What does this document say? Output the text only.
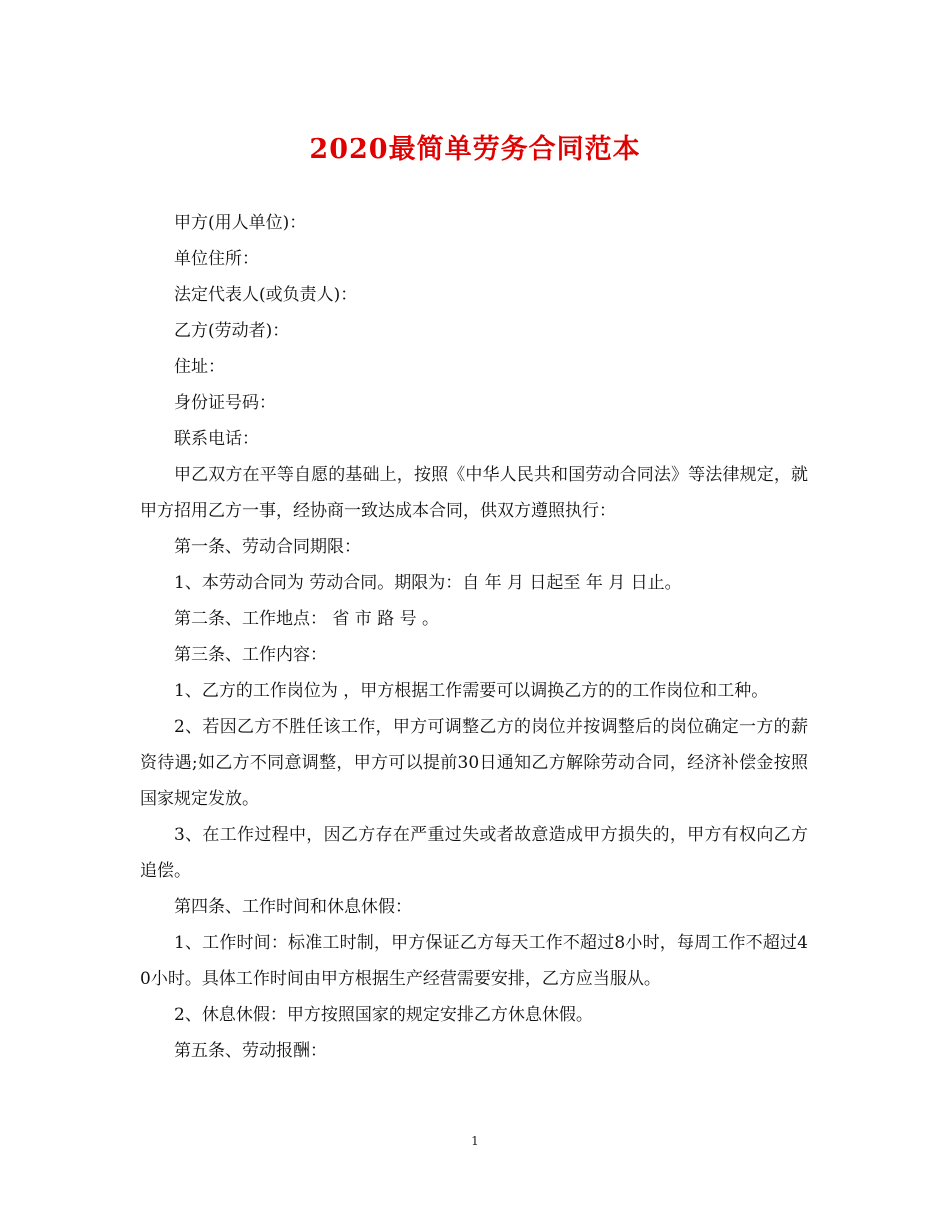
2020最简单劳务合同范本

甲方(用人单位)：

单位住所：

法定代表人(或负责人)：

乙方(劳动者)：

住址：

身份证号码：

联系电话：

甲乙双方在平等自愿的基础上，按照《中华人民共和国劳动合同法》等法律规定，就甲方招用乙方一事，经协商一致达成本合同，供双方遵照执行：

第一条、劳动合同期限：

1、本劳动合同为 劳动合同。期限为：自 年 月 日起至 年 月 日止。

第二条、工作地点： 省 市 路 号 。

第三条、工作内容：

1、乙方的工作岗位为 ，甲方根据工作需要可以调换乙方的的工作岗位和工种。

2、若因乙方不胜任该工作，甲方可调整乙方的岗位并按调整后的岗位确定一方的薪资待遇;如乙方不同意调整，甲方可以提前30日通知乙方解除劳动合同，经济补偿金按照国家规定发放。

3、在工作过程中，因乙方存在严重过失或者故意造成甲方损失的，甲方有权向乙方追偿。

第四条、工作时间和休息休假：

1、工作时间：标准工时制，甲方保证乙方每天工作不超过8小时，每周工作不超过40小时。具体工作时间由甲方根据生产经营需要安排，乙方应当服从。

2、休息休假：甲方按照国家的规定安排乙方休息休假。

第五条、劳动报酬：

1
